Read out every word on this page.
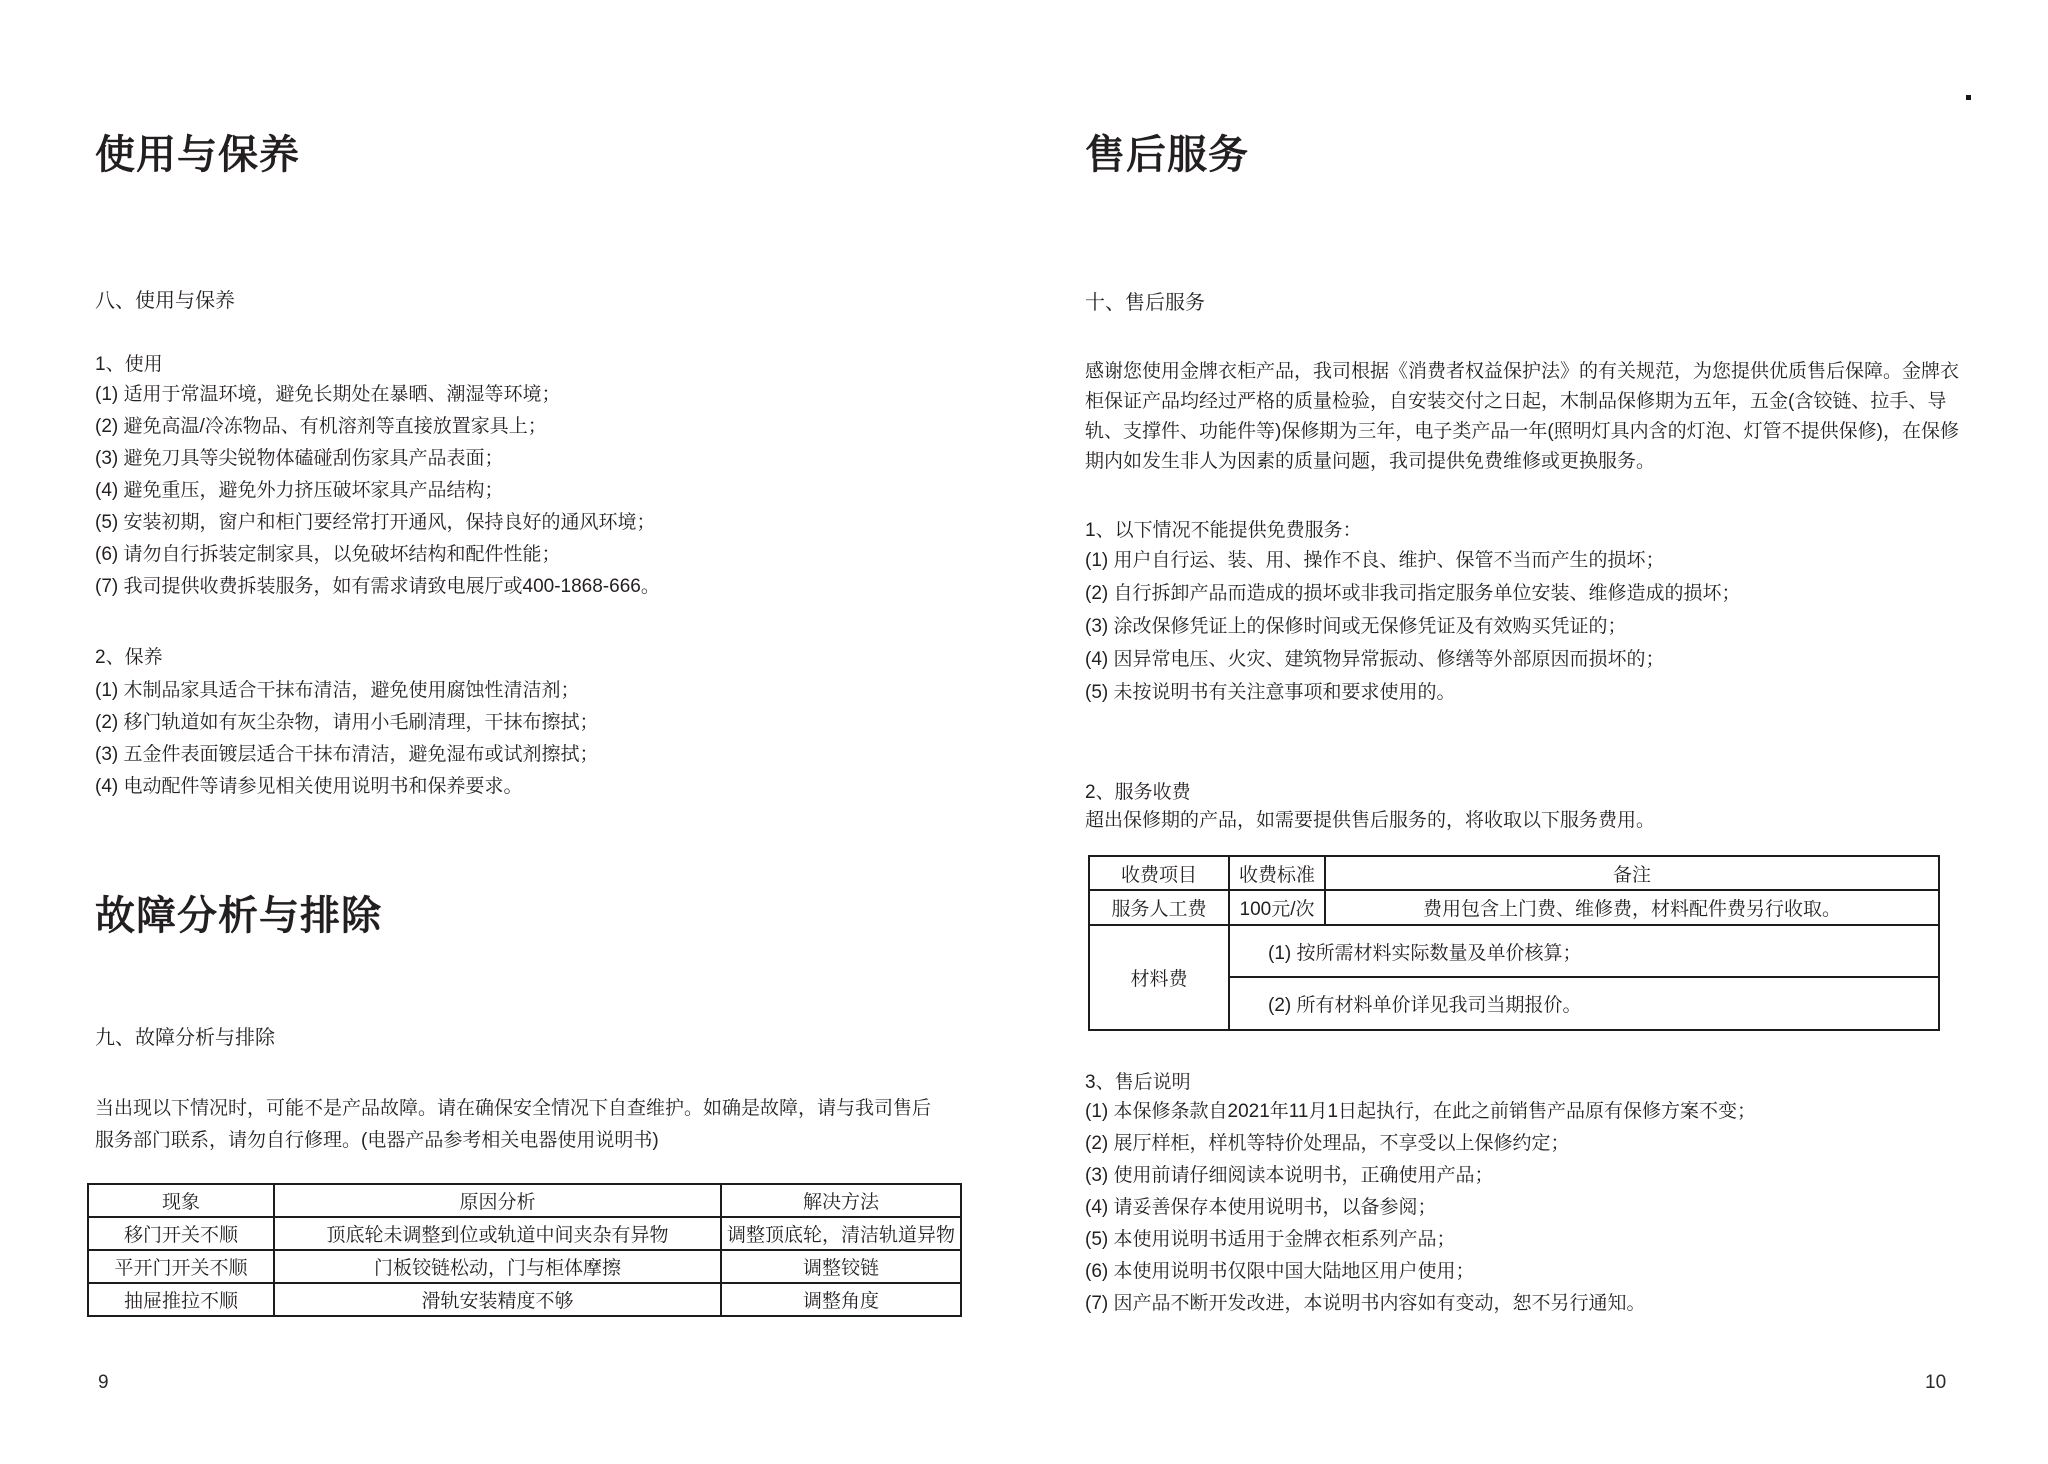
使用与保养
八、使用与保养
1、使用
(1) 适用于常温环境，避免长期处在暴晒、潮湿等环境；
(2) 避免高温/冷冻物品、有机溶剂等直接放置家具上；
(3) 避免刀具等尖锐物体磕碰刮伤家具产品表面；
(4) 避免重压，避免外力挤压破坏家具产品结构；
(5) 安装初期，窗户和柜门要经常打开通风，保持良好的通风环境；
(6) 请勿自行拆装定制家具，以免破坏结构和配件性能；
(7) 我司提供收费拆装服务，如有需求请致电展厅或400-1868-666。
2、保养
(1) 木制品家具适合干抹布清洁，避免使用腐蚀性清洁剂；
(2) 移门轨道如有灰尘杂物，请用小毛刷清理，干抹布擦拭；
(3) 五金件表面镀层适合干抹布清洁，避免湿布或试剂擦拭；
(4) 电动配件等请参见相关使用说明书和保养要求。
故障分析与排除
九、故障分析与排除
当出现以下情况时，可能不是产品故障。请在确保安全情况下自查维护。如确是故障，请与我司售后
服务部门联系，请勿自行修理。(电器产品参考相关电器使用说明书)
现象	原因分析	解决方法
移门开关不顺	顶底轮未调整到位或轨道中间夹杂有异物	调整顶底轮，清洁轨道异物
平开门开关不顺	门板铰链松动，门与柜体摩擦	调整铰链
抽屉推拉不顺	滑轨安装精度不够	调整角度
售后服务
十、售后服务
感谢您使用金牌衣柜产品，我司根据《消费者权益保护法》的有关规范，为您提供优质售后保障。金牌衣
柜保证产品均经过严格的质量检验，自安装交付之日起，木制品保修期为五年，五金(含铰链、拉手、导
轨、支撑件、功能件等)保修期为三年，电子类产品一年(照明灯具内含的灯泡、灯管不提供保修)，在保修
期内如发生非人为因素的质量问题，我司提供免费维修或更换服务。
1、以下情况不能提供免费服务：
(1) 用户自行运、装、用、操作不良、维护、保管不当而产生的损坏；
(2) 自行拆卸产品而造成的损坏或非我司指定服务单位安装、维修造成的损坏；
(3) 涂改保修凭证上的保修时间或无保修凭证及有效购买凭证的；
(4) 因异常电压、火灾、建筑物异常振动、修缮等外部原因而损坏的；
(5) 未按说明书有关注意事项和要求使用的。
2、服务收费
超出保修期的产品，如需要提供售后服务的，将收取以下服务费用。
收费项目	收费标准	备注
服务人工费	100元/次	费用包含上门费、维修费，材料配件费另行收取。
材料费	(1) 按所需材料实际数量及单价核算；	
	(2) 所有材料单价详见我司当期报价。	
3、售后说明
(1) 本保修条款自2021年11月1日起执行，在此之前销售产品原有保修方案不变；
(2) 展厅样柜，样机等特价处理品，不享受以上保修约定；
(3) 使用前请仔细阅读本说明书，正确使用产品；
(4) 请妥善保存本使用说明书，以备参阅；
(5) 本使用说明书适用于金牌衣柜系列产品；
(6) 本使用说明书仅限中国大陆地区用户使用；
(7) 因产品不断开发改进，本说明书内容如有变动，恕不另行通知。
9	10
